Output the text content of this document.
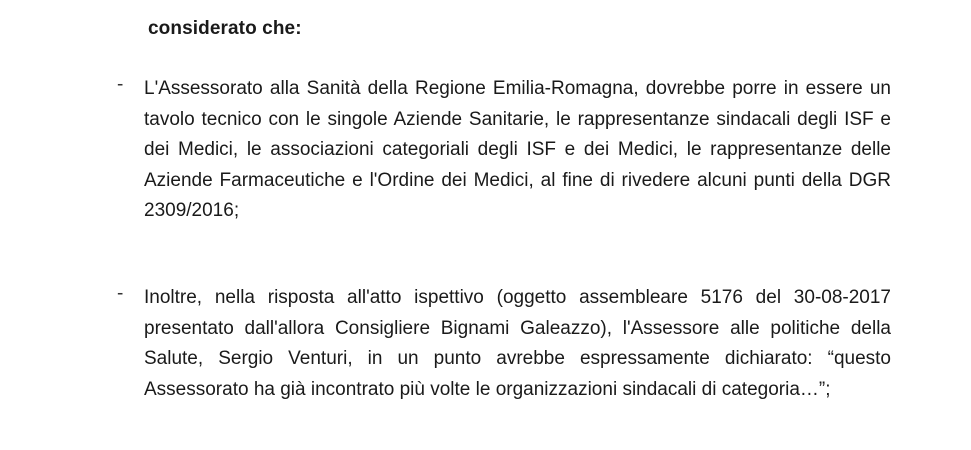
considerato che:
- L'Assessorato alla Sanità della Regione Emilia-Romagna, dovrebbe porre in essere un tavolo tecnico con le singole Aziende Sanitarie, le rappresentanze sindacali degli ISF e dei Medici, le associazioni categoriali degli ISF e dei Medici, le rappresentanze delle Aziende Farmaceutiche e l'Ordine dei Medici, al fine di rivedere alcuni punti della DGR 2309/2016;
- Inoltre, nella risposta all'atto ispettivo (oggetto assembleare 5176 del 30-08-2017 presentato dall'allora Consigliere Bignami Galeazzo), l'Assessore alle politiche della Salute, Sergio Venturi, in un punto avrebbe espressamente dichiarato: “questo Assessorato ha già incontrato più volte le organizzazioni sindacali di categoria…”;
